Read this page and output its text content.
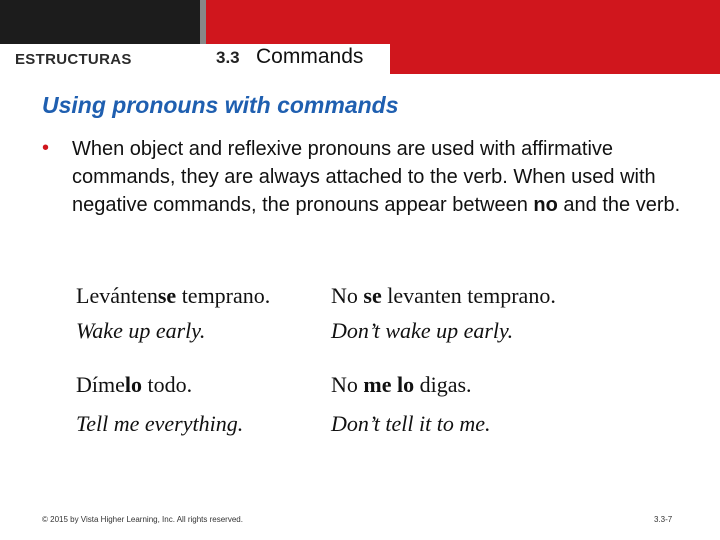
ESTRUCTURAS	3.3 Commands
Using pronouns with commands
• When object and reflexive pronouns are used with affirmative commands, they are always attached to the verb. When used with negative commands, the pronouns appear between no and the verb.
Levántense temprano.
Wake up early.
No se levanten temprano.
Don’t wake up early.
Dímelo todo.
Tell me everything.
No me lo digas.
Don’t tell it to me.
© 2015 by Vista Higher Learning, Inc. All rights reserved.	3.3-7
